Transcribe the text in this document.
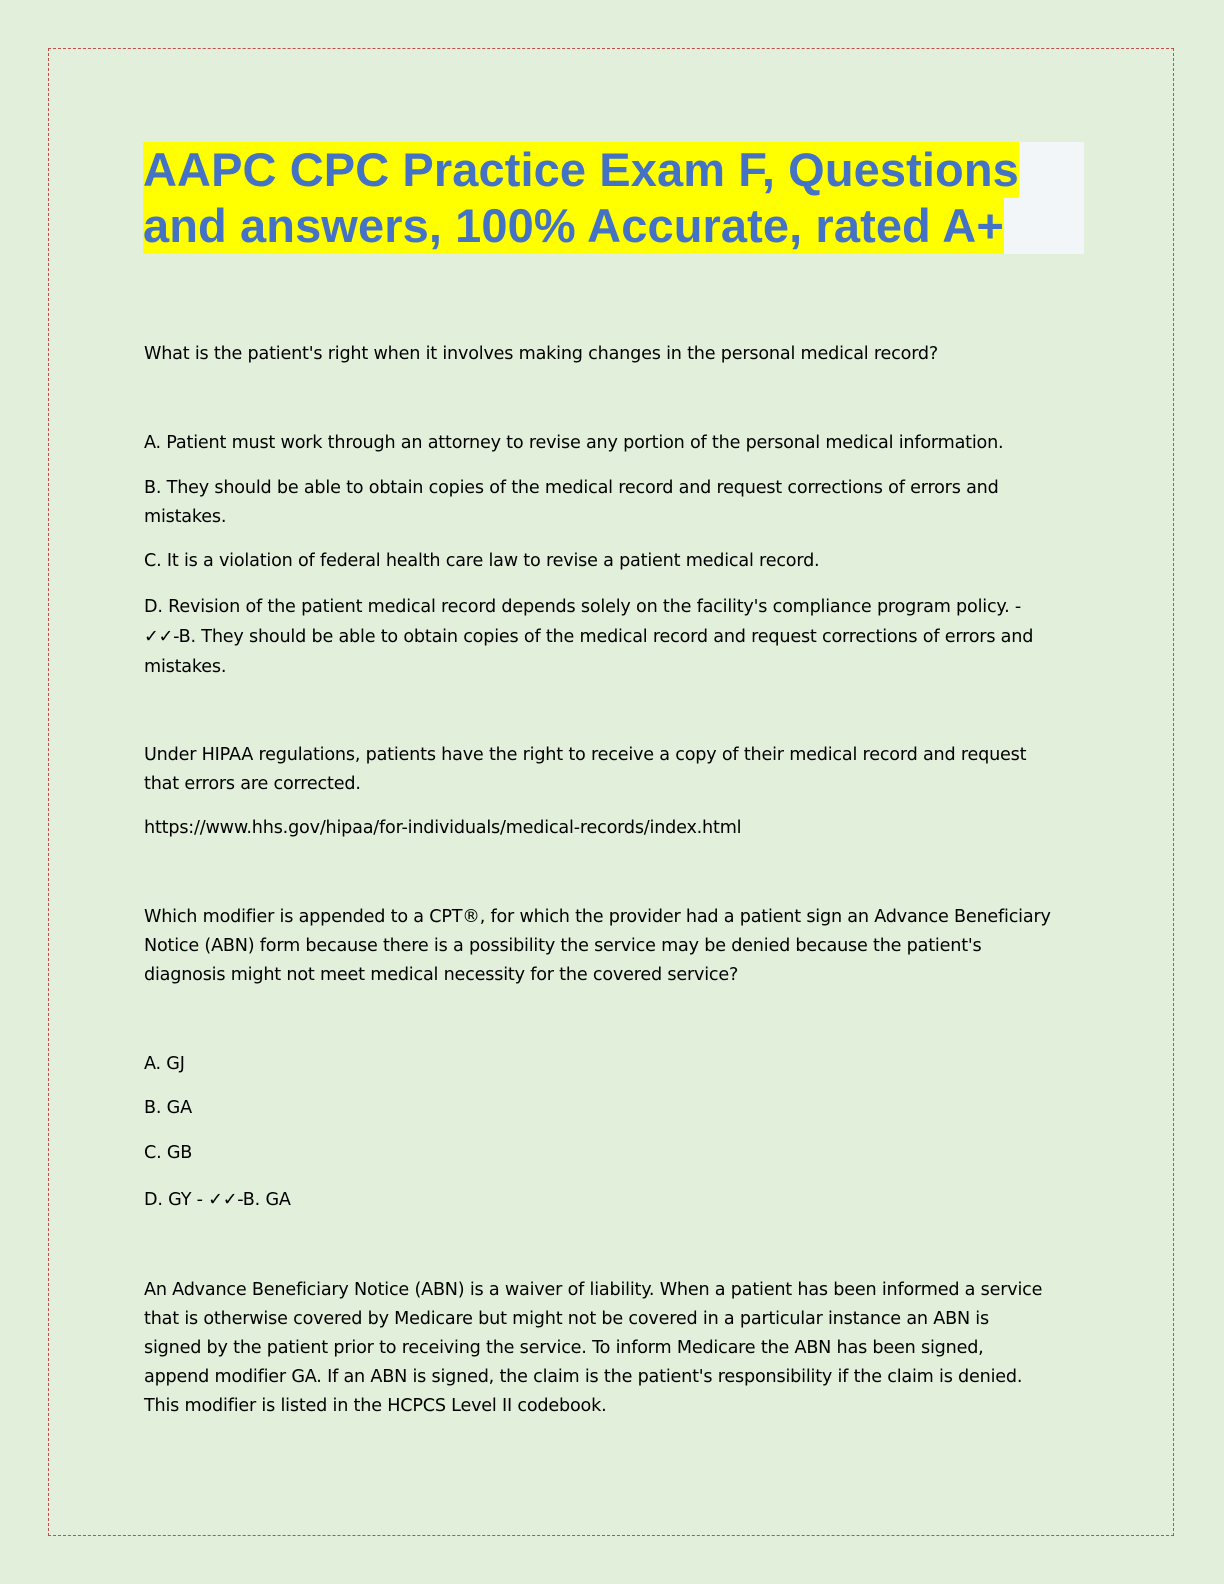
AAPC CPC Practice Exam F, Questions
and answers, 100% Accurate, rated A+

What is the patient's right when it involves making changes in the personal medical record?

A. Patient must work through an attorney to revise any portion of the personal medical information.

B. They should be able to obtain copies of the medical record and request corrections of errors and
mistakes.

C. It is a violation of federal health care law to revise a patient medical record.

D. Revision of the patient medical record depends solely on the facility's compliance program policy. -
✓✓-B. They should be able to obtain copies of the medical record and request corrections of errors and
mistakes.

Under HIPAA regulations, patients have the right to receive a copy of their medical record and request
that errors are corrected.

https://www.hhs.gov/hipaa/for-individuals/medical-records/index.html

Which modifier is appended to a CPT®, for which the provider had a patient sign an Advance Beneficiary
Notice (ABN) form because there is a possibility the service may be denied because the patient's
diagnosis might not meet medical necessity for the covered service?

A. GJ

B. GA

C. GB

D. GY - ✓✓-B. GA

An Advance Beneficiary Notice (ABN) is a waiver of liability. When a patient has been informed a service
that is otherwise covered by Medicare but might not be covered in a particular instance an ABN is
signed by the patient prior to receiving the service. To inform Medicare the ABN has been signed,
append modifier GA. If an ABN is signed, the claim is the patient's responsibility if the claim is denied.
This modifier is listed in the HCPCS Level II codebook.
